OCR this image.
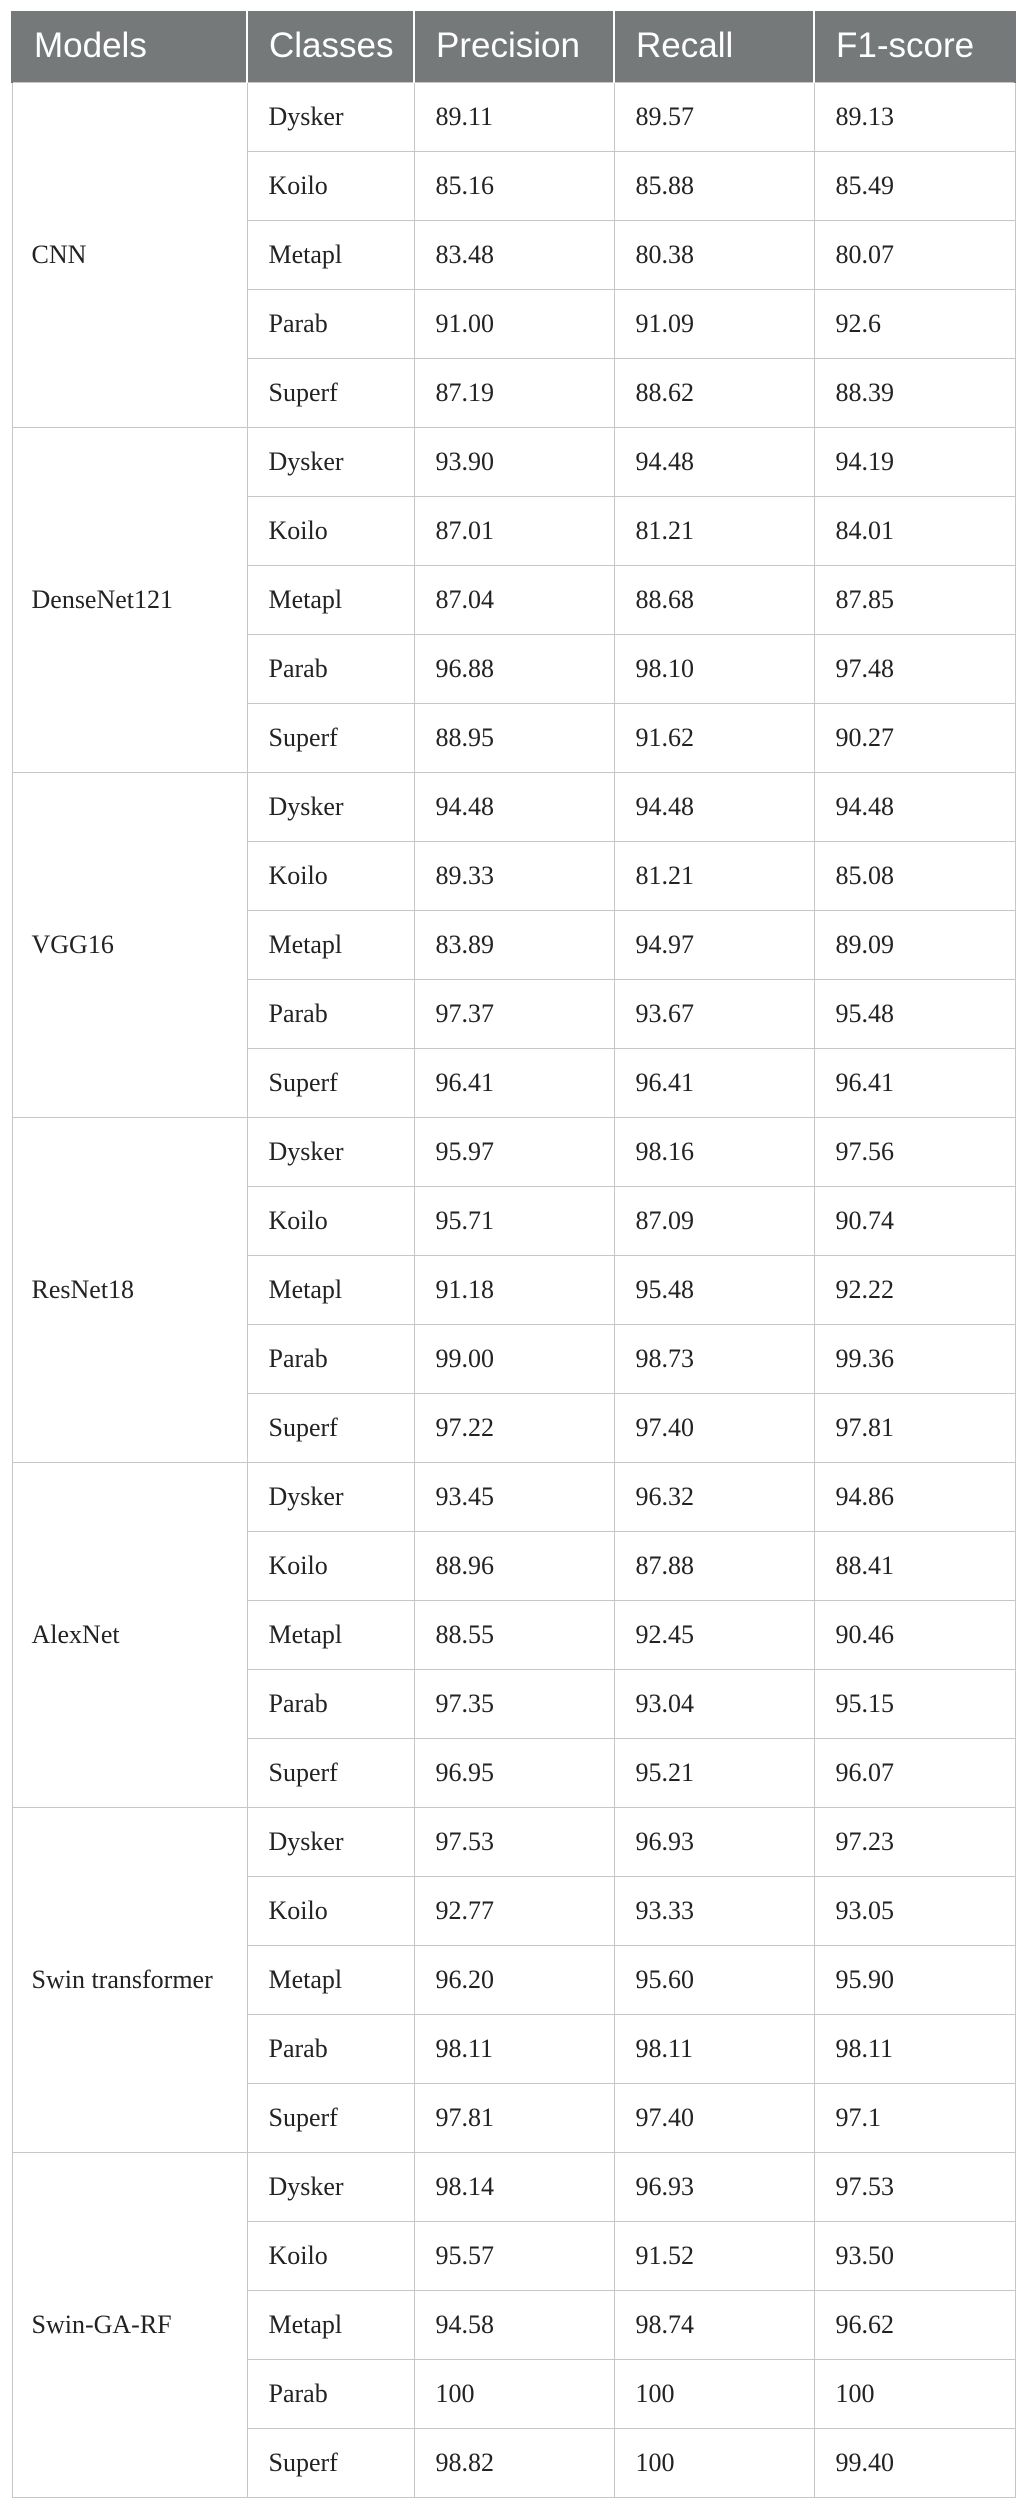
Models	Classes	Precision	Recall	F1-score
CNN	Dysker	89.11	89.57	89.13
	Koilo	85.16	85.88	85.49
	Metapl	83.48	80.38	80.07
	Parab	91.00	91.09	92.6
	Superf	87.19	88.62	88.39
DenseNet121	Dysker	93.90	94.48	94.19
	Koilo	87.01	81.21	84.01
	Metapl	87.04	88.68	87.85
	Parab	96.88	98.10	97.48
	Superf	88.95	91.62	90.27
VGG16	Dysker	94.48	94.48	94.48
	Koilo	89.33	81.21	85.08
	Metapl	83.89	94.97	89.09
	Parab	97.37	93.67	95.48
	Superf	96.41	96.41	96.41
ResNet18	Dysker	95.97	98.16	97.56
	Koilo	95.71	87.09	90.74
	Metapl	91.18	95.48	92.22
	Parab	99.00	98.73	99.36
	Superf	97.22	97.40	97.81
AlexNet	Dysker	93.45	96.32	94.86
	Koilo	88.96	87.88	88.41
	Metapl	88.55	92.45	90.46
	Parab	97.35	93.04	95.15
	Superf	96.95	95.21	96.07
Swin transformer	Dysker	97.53	96.93	97.23
	Koilo	92.77	93.33	93.05
	Metapl	96.20	95.60	95.90
	Parab	98.11	98.11	98.11
	Superf	97.81	97.40	97.1
Swin-GA-RF	Dysker	98.14	96.93	97.53
	Koilo	95.57	91.52	93.50
	Metapl	94.58	98.74	96.62
	Parab	100	100	100
	Superf	98.82	100	99.40
